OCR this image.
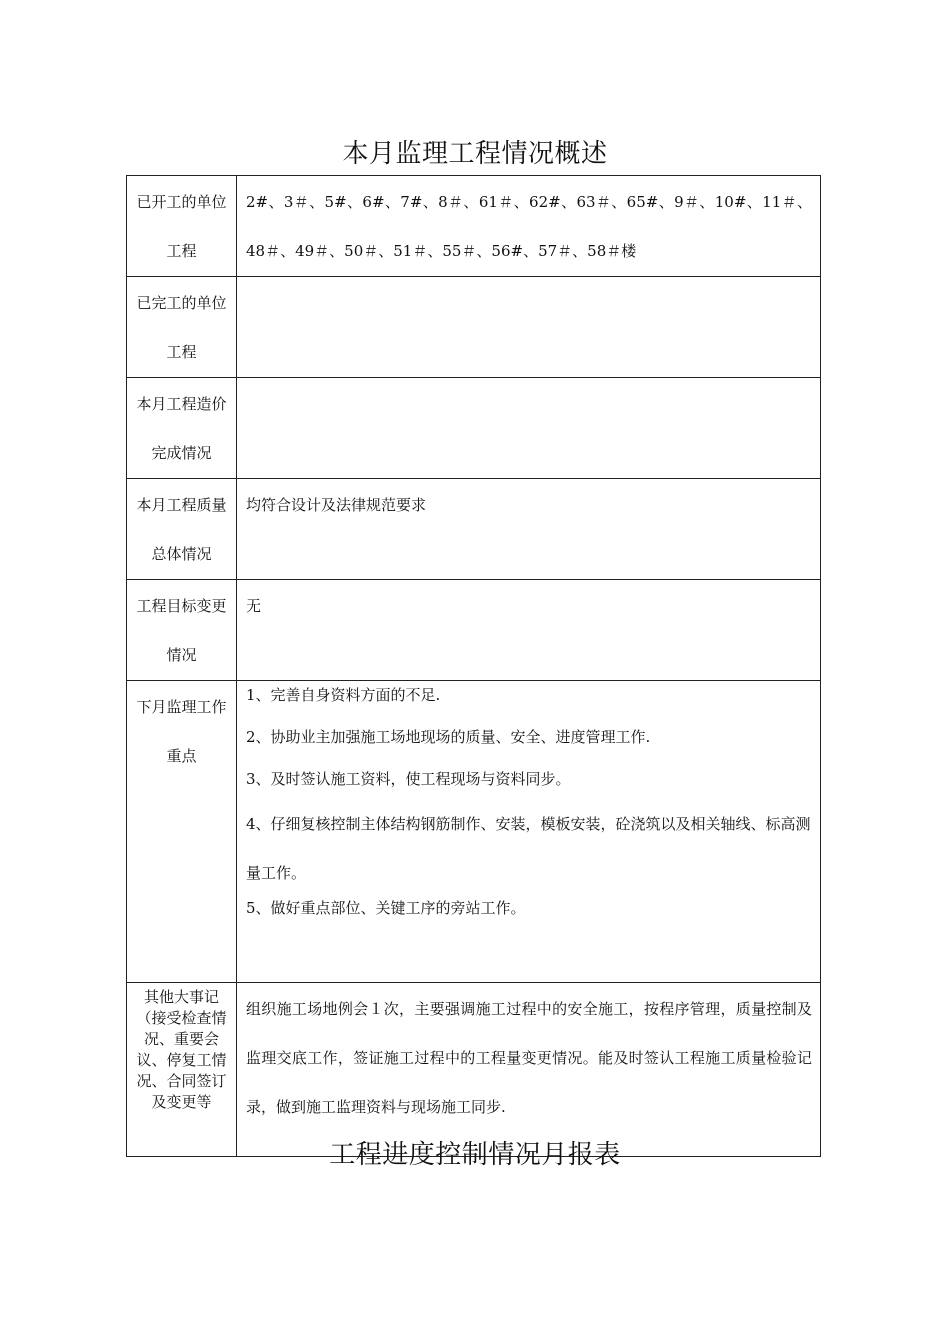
本月监理工程情况概述
已开工的单位工程	2#、3＃、5#、6#、7#、8＃、61＃、62#、63＃、65#、9＃、10#、11＃、48＃、49＃、50＃、51＃、55＃、56#、57＃、58＃楼

已完工的单位工程	

本月工程造价完成情况	

本月工程质量总体情况	均符合设计及法律规范要求

工程目标变更情况	无

下月监理工作重点	1、完善自身资料方面的不足.
2、协助业主加强施工场地现场的质量、安全、进度管理工作.
3、及时签认施工资料，使工程现场与资料同步。
4、仔细复核控制主体结构钢筋制作、安装，模板安装，砼浇筑以及相关轴线、标高测量工作。
5、做好重点部位、关键工序的旁站工作。

其他大事记（接受检查情况、重要会议、停复工情况、合同签订及变更等	组织施工场地例会１次，主要强调施工过程中的安全施工，按程序管理，质量控制及监理交底工作，签证施工过程中的工程量变更情况。能及时签认工程施工质量检验记录，做到施工监理资料与现场施工同步.
工程进度控制情况月报表
